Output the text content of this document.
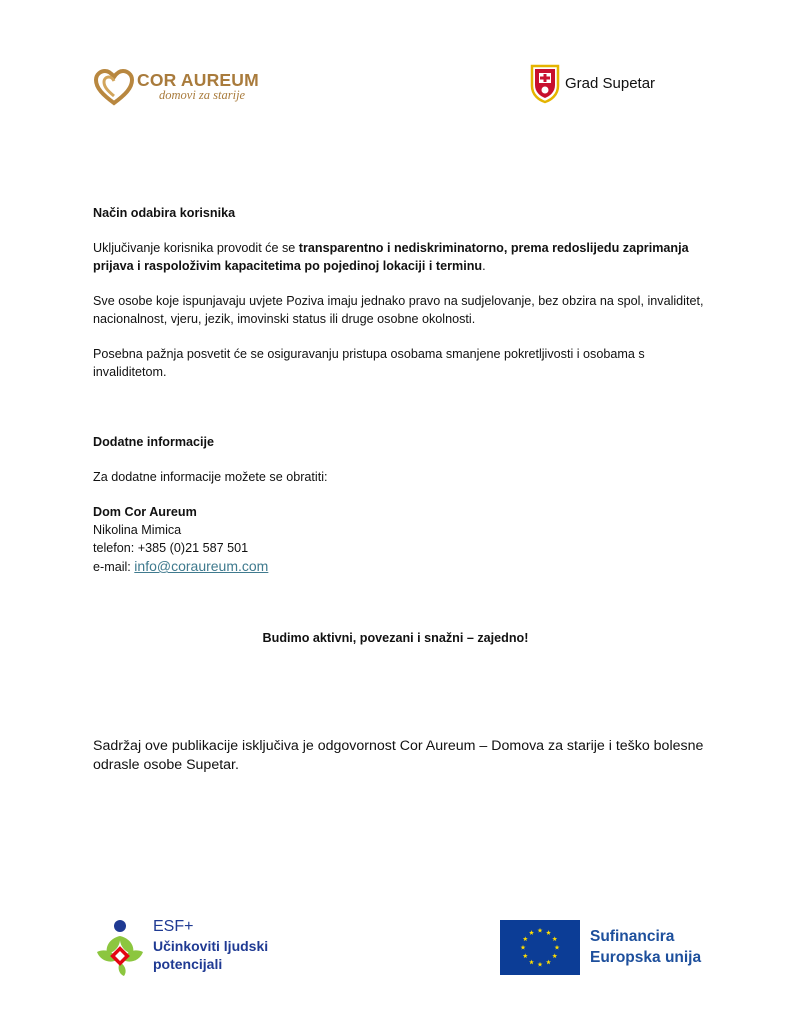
COR AUREUM
domovi za starije
Grad Supetar
Način odabira korisnika
Uključivanje korisnika provodit će se transparentno i nediskriminatorno, prema redoslijedu zaprimanja prijava i raspoloživim kapacitetima po pojedinoj lokaciji i terminu.
Sve osobe koje ispunjavaju uvjete Poziva imaju jednako pravo na sudjelovanje, bez obzira na spol, invaliditet, nacionalnost, vjeru, jezik, imovinski status ili druge osobne okolnosti.
Posebna pažnja posvetit će se osiguravanju pristupa osobama smanjene pokretljivosti i osobama s invaliditetom.
Dodatne informacije
Za dodatne informacije možete se obratiti:
Dom Cor Aureum
Nikolina Mimica
telefon: +385 (0)21 587 501
e-mail: info@coraureum.com
Budimo aktivni, povezani i snažni – zajedno!
Sadržaj ove publikacije isključiva je odgovornost Cor Aureum – Domova za starije i teško bolesne odrasle osobe Supetar.
ESF+
Učinkoviti ljudski
potencijali
Sufinancira
Europska unija
